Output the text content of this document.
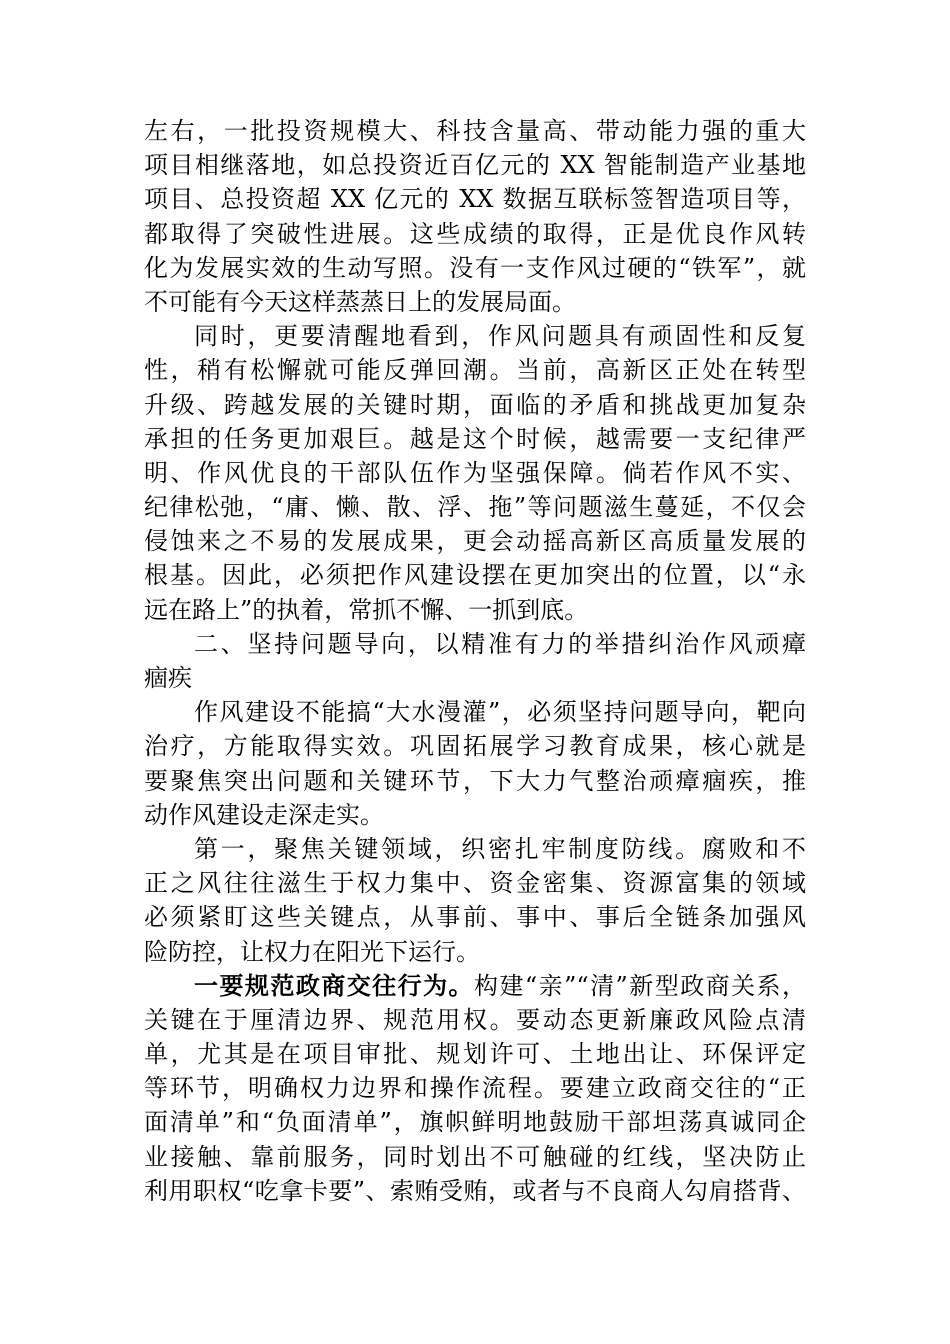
左右，一批投资规模大、科技含量高、带动能力强的重大
项目相继落地，如总投资近百亿元的 XX 智能制造产业基地
项目、总投资超 XX 亿元的 XX 数据互联标签智造项目等，
都取得了突破性进展。这些成绩的取得，正是优良作风转
化为发展实效的生动写照。没有一支作风过硬的“铁军”，就
不可能有今天这样蒸蒸日上的发展局面。
同时，更要清醒地看到，作风问题具有顽固性和反复
性，稍有松懈就可能反弹回潮。当前，高新区正处在转型
升级、跨越发展的关键时期，面临的矛盾和挑战更加复杂
承担的任务更加艰巨。越是这个时候，越需要一支纪律严
明、作风优良的干部队伍作为坚强保障。倘若作风不实、
纪律松弛，“庸、懒、散、浮、拖”等问题滋生蔓延，不仅会
侵蚀来之不易的发展成果，更会动摇高新区高质量发展的
根基。因此，必须把作风建设摆在更加突出的位置，以“永
远在路上”的执着，常抓不懈、一抓到底。
二、坚持问题导向，以精准有力的举措纠治作风顽瘴
痼疾
作风建设不能搞“大水漫灌”，必须坚持问题导向，靶向
治疗，方能取得实效。巩固拓展学习教育成果，核心就是
要聚焦突出问题和关键环节，下大力气整治顽瘴痼疾，推
动作风建设走深走实。
第一，聚焦关键领域，织密扎牢制度防线。腐败和不
正之风往往滋生于权力集中、资金密集、资源富集的领域
必须紧盯这些关键点，从事前、事中、事后全链条加强风
险防控，让权力在阳光下运行。
一要规范政商交往行为。构建“亲”“清”新型政商关系，
关键在于厘清边界、规范用权。要动态更新廉政风险点清
单，尤其是在项目审批、规划许可、土地出让、环保评定
等环节，明确权力边界和操作流程。要建立政商交往的“正
面清单”和“负面清单”，旗帜鲜明地鼓励干部坦荡真诚同企
业接触、靠前服务，同时划出不可触碰的红线，坚决防止
利用职权“吃拿卡要”、索贿受贿，或者与不良商人勾肩搭背、
